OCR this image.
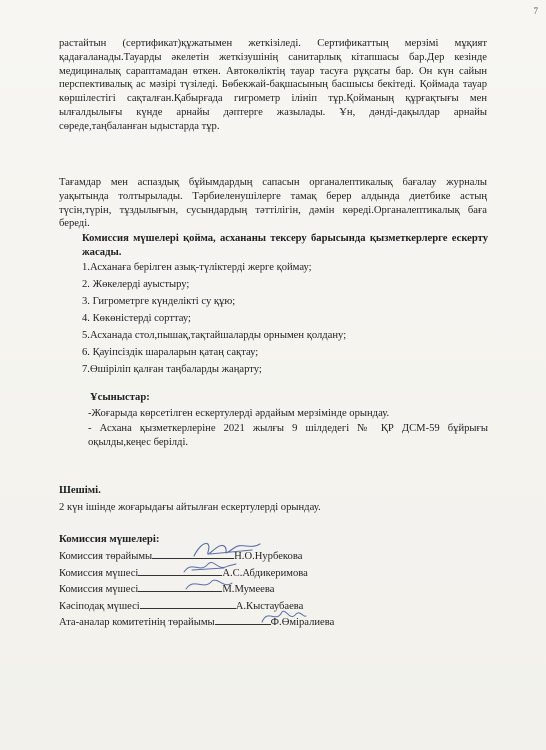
7

растайтын (сертификат)құжатымен жеткізіледі. Сертификаттың мерзімі мұқият қадағаланады.Тауарды әкелетін жеткізушінің санитарлық кітапшасы бар.Дер кезінде медициналық сараптамадан өткен. Автокөліктің тауар тасуға рұқсаты бар. Он күн сайын перспективалық ас мәзірі түзіледі. Бөбекжай-бақшасының басшысы бекітеді. Қоймада тауар көршілестігі сақталған.Қабырғада гигрометр ілініп тұр.Қойманың құрғақтығы мен ылғалдылығы күнде арнайы дәптерге жазылады. Ұн, дәнді-дақылдар арнайы сөреде,таңбаланған ыдыстарда тұр.

Тағамдар мен аспаздық бұйымдардың сапасын органалептикалық бағалау журналы уақытында толтырылады. Тәрбиеленушілерге тамақ берер алдында диетбике астың түсін,түрін, тұздылығын, сусындардың тәттілігін, дәмін көреді.Органалептикалық баға береді.

Комиссия мүшелері қойма, асхананы тексеру барысында қызметкерлерге ескерту жасады.

1.Асханаға берілген азық-түліктерді жерге қоймау;
2. Жөкелерді ауыстыру;
3. Гигрометрге күнделікті су құю;
4. Көкөністерді сорттау;
5.Асханада стол,пышақ,тақтайшаларды орнымен қолдану;
6. Қауіпсіздік шараларын қатаң сақтау;
7.Өшіріліп қалған таңбаларды жаңарту;
Ұсыныстар:
-Жоғарыда көрсетілген ескертулерді әрдайым мерзімінде орындау.
- Асхана қызметкерлеріне 2021 жылғы 9 шілдедегі № ҚР ДСМ-59 бұйрығы оқылды,кеңес берілді.
Шешімі.
2 күн ішінде жоғарыдағы айтылған ескертулерді орындау.
Комиссия мүшелері:
Комиссия төрайымы	Н.О.Нурбекова
Комиссия мүшесі	А.С.Абдикеримова
Комиссия мүшесі	М.Мумеева
Кәсіподақ мүшесі	А.Кыстаубаева
Ата-аналар комитетінің төрайымы	Ф.Өміралиева
